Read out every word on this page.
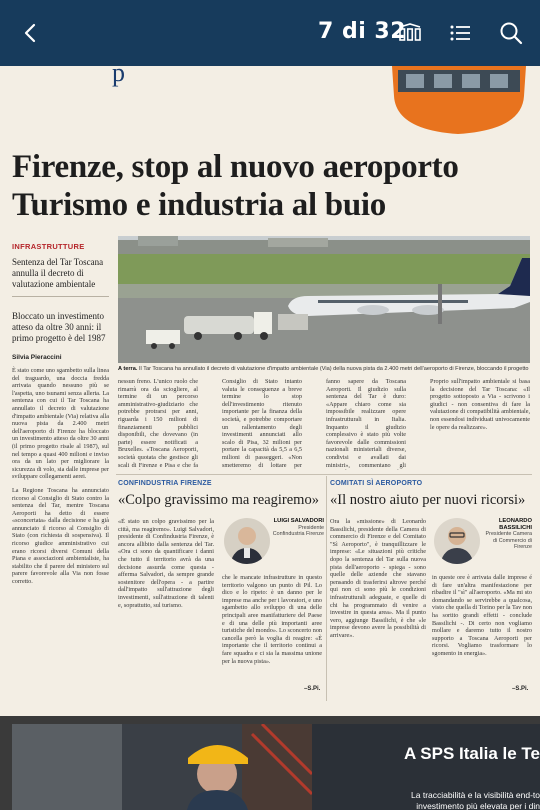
7 di 32
p
Firenze, stop al nuovo aeroporto
Turismo e industria al buio
INFRASTRUTTURE
Sentenza del Tar Toscana annulla il decreto di valutazione ambientale
Bloccato un investimento atteso da oltre 30 anni: il primo progetto è del 1987
Silvia Pieraccini
È stato come uno sgambetto sulla linea del traguardo, una doccia fredda arrivata quando nessuno più se l'aspetta, uno tsunami senza allerta. La sentenza con cui il Tar Toscana ha annullato il decreto di valutazione d'impatto ambientale (Via) relativa alla nuova pista da 2.400 metri dell'aeroporto di Firenze ha bloccato un investimento atteso da oltre 30 anni (il primo progetto risale al 1987), sul nel tempo a quasi 400 milioni e inviso ora da un lato per migliorare la sicurezza di volo, sia dalle imprese per sviluppare collegamenti aerei.
La Regione Toscana ha annunciato ricorso al Consiglio di Stato contro la sentenza del Tar, mentre Toscana Aeroporti ha detto di essere «sconcertata» dalla decisione e ha già annunciato il ricorso al Consiglio di Stato (con richiesta di sospensiva). Il ricorso giudice amministrativo cui erano ricorsi diversi Comuni della Piana e associazioni ambientaliste, ha stabilito che il parere del ministero sul parere favorevole alla Via non fosse corretto.
A terra. Il Tar Toscana ha annullato il decreto di valutazione d'impatto ambientale (Via) della nuova pista da 2.400 metri dell'aeroporto di Firenze, bloccando il progetto
nessun freno. L'unico ruolo che rimarrà ora da sciogliere, al termine di un percorso amministrativo-giudiziario che potrebbe protrarsi per anni, riguarda i 150 milioni di finanziamenti pubblici disponibili, che dovevano (in parte) essere notificati a Bruxelles. «Toscana Aeroporti, società quotata che gestisce gli scali di Firenze e Pisa e che fa
Consiglio di Stato intanto valuta le conseguenze a breve termine lo stop dell'investimento ritenuto importante per la finanza della società, e potrebbe comportare un rallentamento degli investimenti annunciati allo scalo di Pisa, 32 milioni per portare la capacità da 5,5 a 6,5 milioni di passeggeri. «Non smetteremo di lottare per
fanno sapere da Toscana Aeroporti. Il giudizio sulla sentenza del Tar è duro: «Appare chiaro come sia impossibile realizzare opere infrastrutturali in Italia. Inquanto il giudizio complessivo è stato più volte favorevole dalle commissioni nazionali ministeriali diverse, condivisi e avallati dai ministri», commentano gli
Proprio sull'impatto ambientale si basa la decisione del Tar Toscana: «Il progetto sottoposto a Via - scrivono i giudici - non consentiva di fare la valutazione di compatibilità ambientale, non essendosi individuati univocamente le opere da realizzare».
CONFINDUSTRIA FIRENZE
«Colpo gravissimo ma reagiremo»
«È stato un colpo gravissimo per la città, ma reagiremo». Luigi Salvadori, presidente di Confindustria Firenze, è ancora allibito dalla sentenza del Tar. «Ora ci sono da quantificare i danni che tutto il territorio avrà da una decisione assurda come questa - afferma Salvadori, da sempre grande sostenitore dell'opera - a partire dall'impatto sull'attrazione degli investimenti, sull'attrazione di talenti e, soprattutto, sul turismo.
LUIGI SALVADORI
Presidente Confindustria Firenze
che le mancate infrastrutture in questo territorio valgono un punto di Pil. Lo dico e lo ripeto: è un danno per le imprese ma anche per i lavoratori, e uno sgambetto allo sviluppo di una delle principali aree manifatturiere del Paese e di una delle più importanti aree turistiche del mondo». Lo sconcerto non cancella però la voglia di reagire: «È importante che il territorio continui a fare squadra e ci sia la massima unione per la nuova pista».
–S.Pi.
COMITATI SÌ AEROPORTO
«Il nostro aiuto per nuovi ricorsi»
Ora la «missione» di Leonardo Bassilichi, presidente della Camera di commercio di Firenze e del Comitato "Sì Aeroporto", è tranquillizzare le imprese: «Le situazioni più critiche dopo la sentenza del Tar sulla nuova pista dell'aeroporto - spiega - sono quelle delle aziende che stavano pensando di trasferirsi altrove perché qui non ci sono più le condizioni infrastrutturali adeguate, e quelle di chi ha programmato di venire a investire in questa area». Ma il punto vero, aggiunge Bassilichi, è che «le imprese devono avere la possibilità di arrivare».
LEONARDO BASSILICHI
Presidente Camera di Commercio di Firenze
in queste ore è arrivata dalle imprese é di fare un'altra manifestazione per ribadire il "sì" all'aeroporto. «Ma mi sto domandando se servirebbe a qualcosa, visto che quella di Torino per la Tav non ha sortito grandi effetti - conclude Bassilichi -. Di certo non vogliamo mollare e daremo tutto il nostro supporto a Toscana Aeroporti per ricorsi. Vogliamo trasformare lo sgomento in energia».
–S.Pi.
A SPS Italia le Te
La tracciabilità e la visibilità end-to
investimento più elevata per i din
